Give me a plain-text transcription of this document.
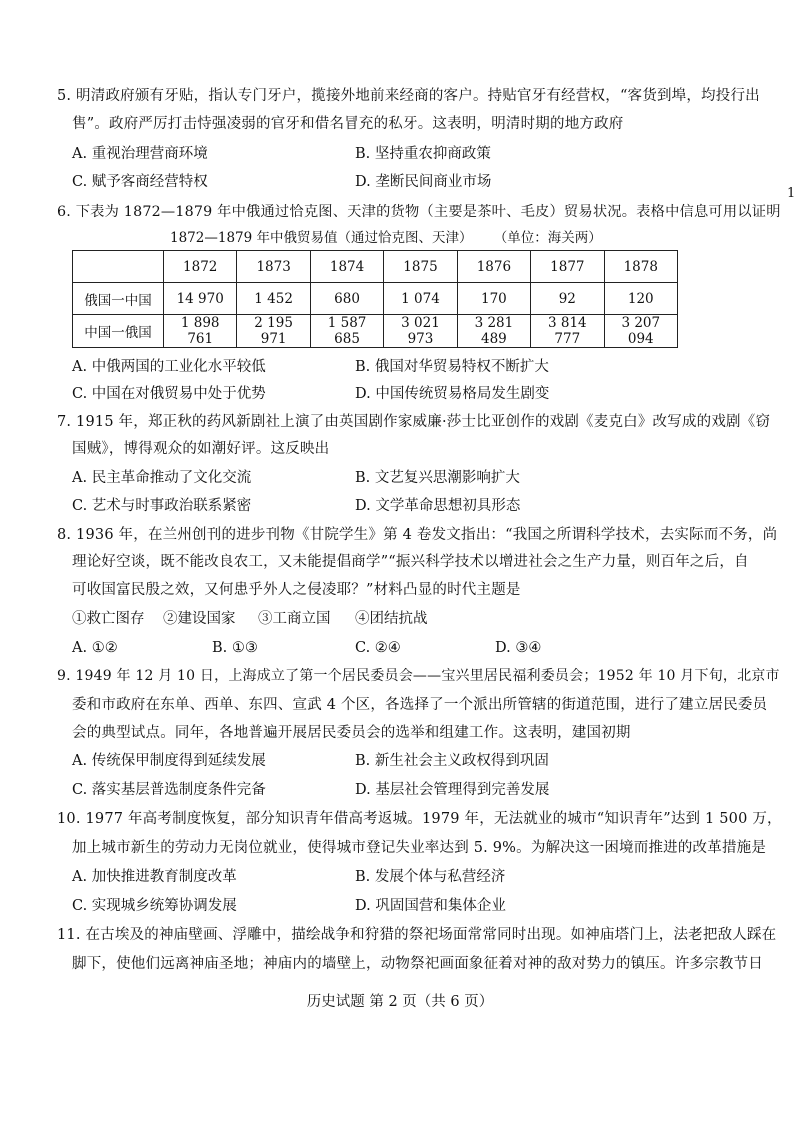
5. 明清政府颁有牙贴，指认专门牙户，揽接外地前来经商的客户。持贴官牙有经营权，“客货到埠，均投行出
售”。政府严厉打击恃强凌弱的官牙和借名冒充的私牙。这表明，明清时期的地方政府
A. 重视治理营商环境	B. 坚持重农抑商政策
C. 赋予客商经营特权	D. 垄断民间商业市场
1
6. 下表为 1872—1879 年中俄通过恰克图、天津的货物（主要是茶叶、毛皮）贸易状况。表格中信息可用以证明
1872—1879 年中俄贸易值（通过恰克图、天津） （单位：海关两）
	1872	1873	1874	1875	1876	1877	1878
俄国一中国	14 970	1 452	680	1 074	170	92	120
中国一俄国	1 898 761	2 195 971	1 587 685	3 021 973	3 281 489	3 814 777	3 207 094
A. 中俄两国的工业化水平较低	B. 俄国对华贸易特权不断扩大
C. 中国在对俄贸易中处于优势	D. 中国传统贸易格局发生剧变
7. 1915 年，郑正秋的药风新剧社上演了由英国剧作家威廉·莎士比亚创作的戏剧《麦克白》改写成的戏剧《窃
国贼》，博得观众的如潮好评。这反映出
A. 民主革命推动了文化交流	B. 文艺复兴思潮影响扩大
C. 艺术与时事政治联系紧密	D. 文学革命思想初具形态
8. 1936 年，在兰州创刊的进步刊物《甘院学生》第 4 卷发文指出：“我国之所谓科学技术，去实际而不务，尚
理论好空谈，既不能改良农工，又未能提倡商学”“振兴科学技术以增进社会之生产力量，则百年之后，自
可收国富民殷之效，又何患乎外人之侵凌耶？”材料凸显的时代主题是
①救亡图存 ②建设国家 ③工商立国 ④团结抗战
A. ①②	B. ①③	C. ②④	D. ③④
9. 1949 年 12 月 10 日，上海成立了第一个居民委员会——宝兴里居民福利委员会；1952 年 10 月下旬，北京市
委和市政府在东单、西单、东四、宣武 4 个区，各选择了一个派出所管辖的街道范围，进行了建立居民委员
会的典型试点。同年，各地普遍开展居民委员会的选举和组建工作。这表明，建国初期
A. 传统保甲制度得到延续发展	B. 新生社会主义政权得到巩固
C. 落实基层普选制度条件完备	D. 基层社会管理得到完善发展
10. 1977 年高考制度恢复，部分知识青年借高考返城。1979 年，无法就业的城市“知识青年”达到 1 500 万，
加上城市新生的劳动力无岗位就业，使得城市登记失业率达到 5. 9%。为解决这一困境而推进的改革措施是
A. 加快推进教育制度改革	B. 发展个体与私营经济
C. 实现城乡统筹协调发展	D. 巩固国营和集体企业
11. 在古埃及的神庙壁画、浮雕中，描绘战争和狩猎的祭祀场面常常同时出现。如神庙塔门上，法老把敌人踩在
脚下，使他们远离神庙圣地；神庙内的墙壁上，动物祭祀画面象征着对神的敌对势力的镇压。许多宗教节日
历史试题 第 2 页（共 6 页）
